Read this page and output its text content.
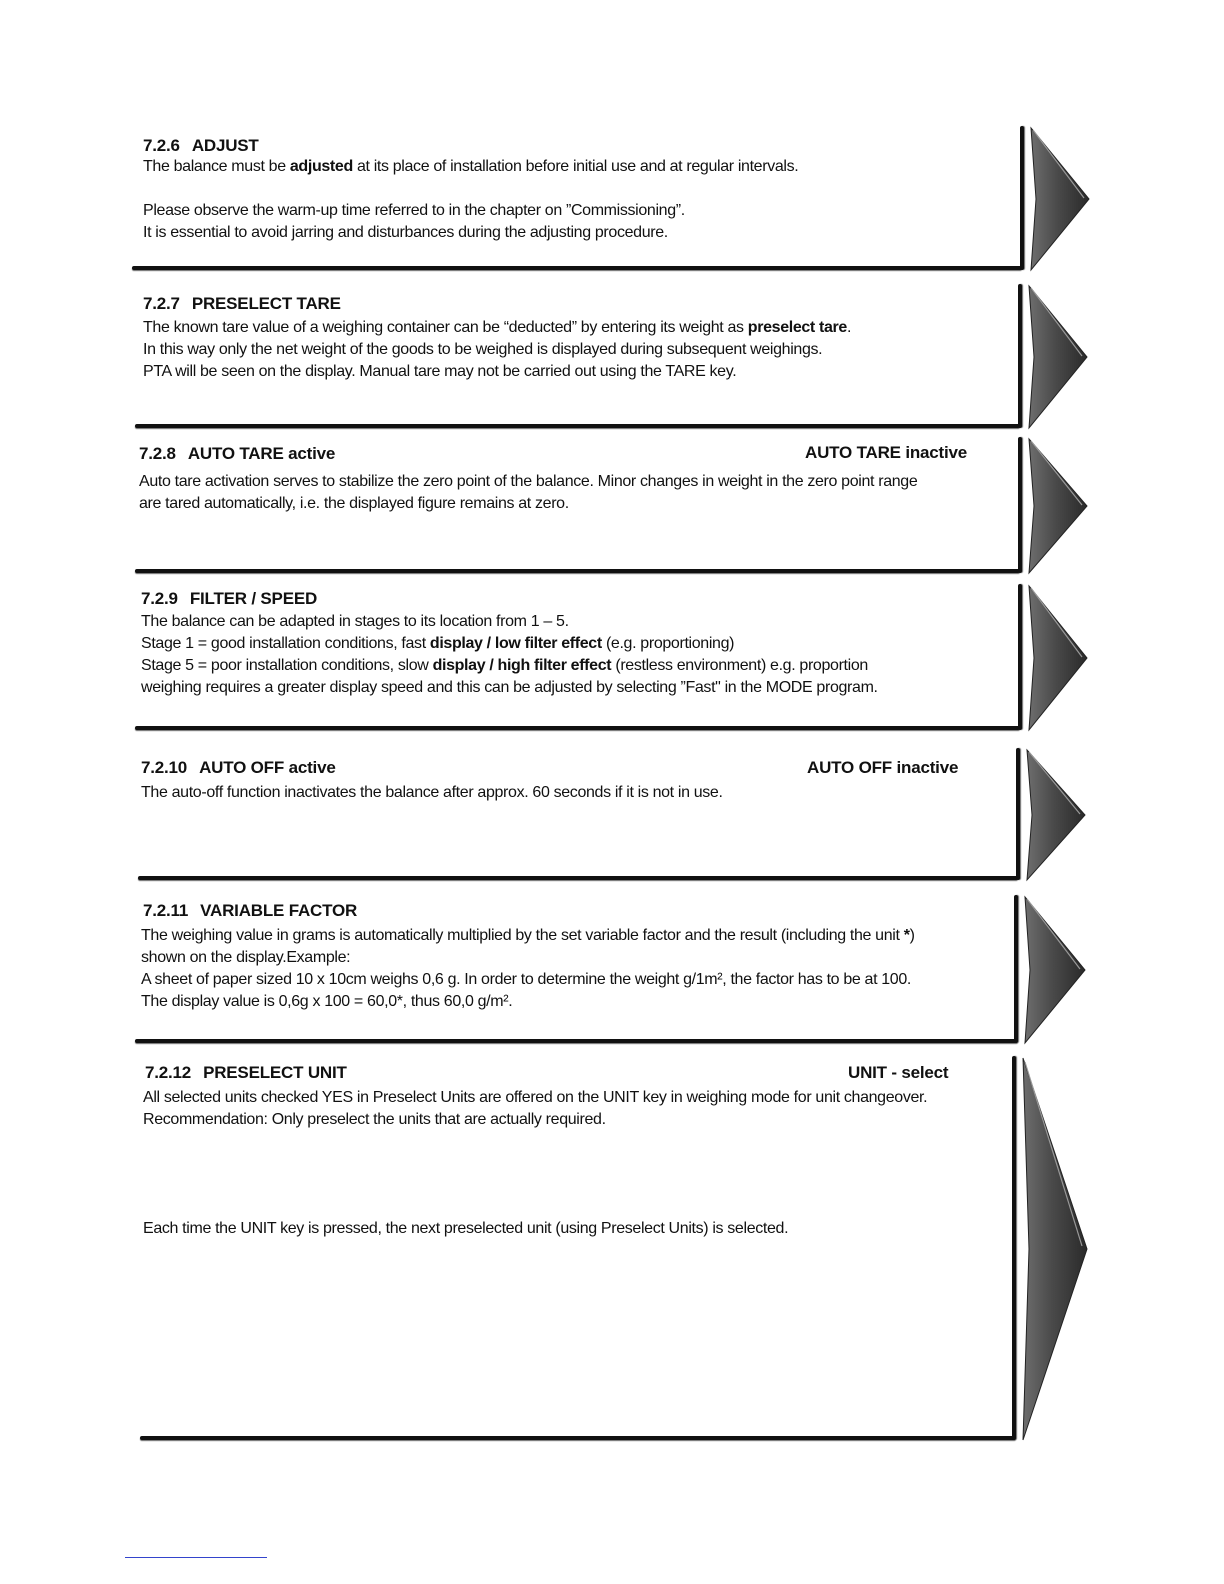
7.2.6 ADJUST
The balance must be adjusted at its place of installation before initial use and at regular intervals.
Please observe the warm-up time referred to in the chapter on ”Commissioning”.
It is essential to avoid jarring and disturbances during the adjusting procedure.
7.2.7 PRESELECT TARE
The known tare value of a weighing container can be “deducted” by entering its weight as preselect tare.
In this way only the net weight of the goods to be weighed is displayed during subsequent weighings.
PTA will be seen on the display. Manual tare may not be carried out using the TARE key.
7.2.8 AUTO TARE active	AUTO TARE inactive
Auto tare activation serves to stabilize the zero point of the balance. Minor changes in weight in the zero point range
are tared automatically, i.e. the displayed figure remains at zero.
7.2.9 FILTER / SPEED
The balance can be adapted in stages to its location from 1 – 5.
Stage 1 = good installation conditions, fast display / low filter effect (e.g. proportioning)
Stage 5 = poor installation conditions, slow display / high filter effect (restless environment) e.g. proportion
weighing requires a greater display speed and this can be adjusted by selecting ”Fast" in the MODE program.
7.2.10 AUTO OFF active	AUTO OFF inactive
The auto-off function inactivates the balance after approx. 60 seconds if it is not in use.
7.2.11 VARIABLE FACTOR
The weighing value in grams is automatically multiplied by the set variable factor and the result (including the unit *)
shown on the display.Example:
A sheet of paper sized 10 x 10cm weighs 0,6 g. In order to determine the weight g/1m², the factor has to be at 100.
The display value is 0,6g x 100 = 60,0*, thus 60,0 g/m².
7.2.12 PRESELECT UNIT	UNIT - select
All selected units checked YES in Preselect Units are offered on the UNIT key in weighing mode for unit changeover.
Recommendation: Only preselect the units that are actually required.
Each time the UNIT key is pressed, the next preselected unit (using Preselect Units) is selected.
